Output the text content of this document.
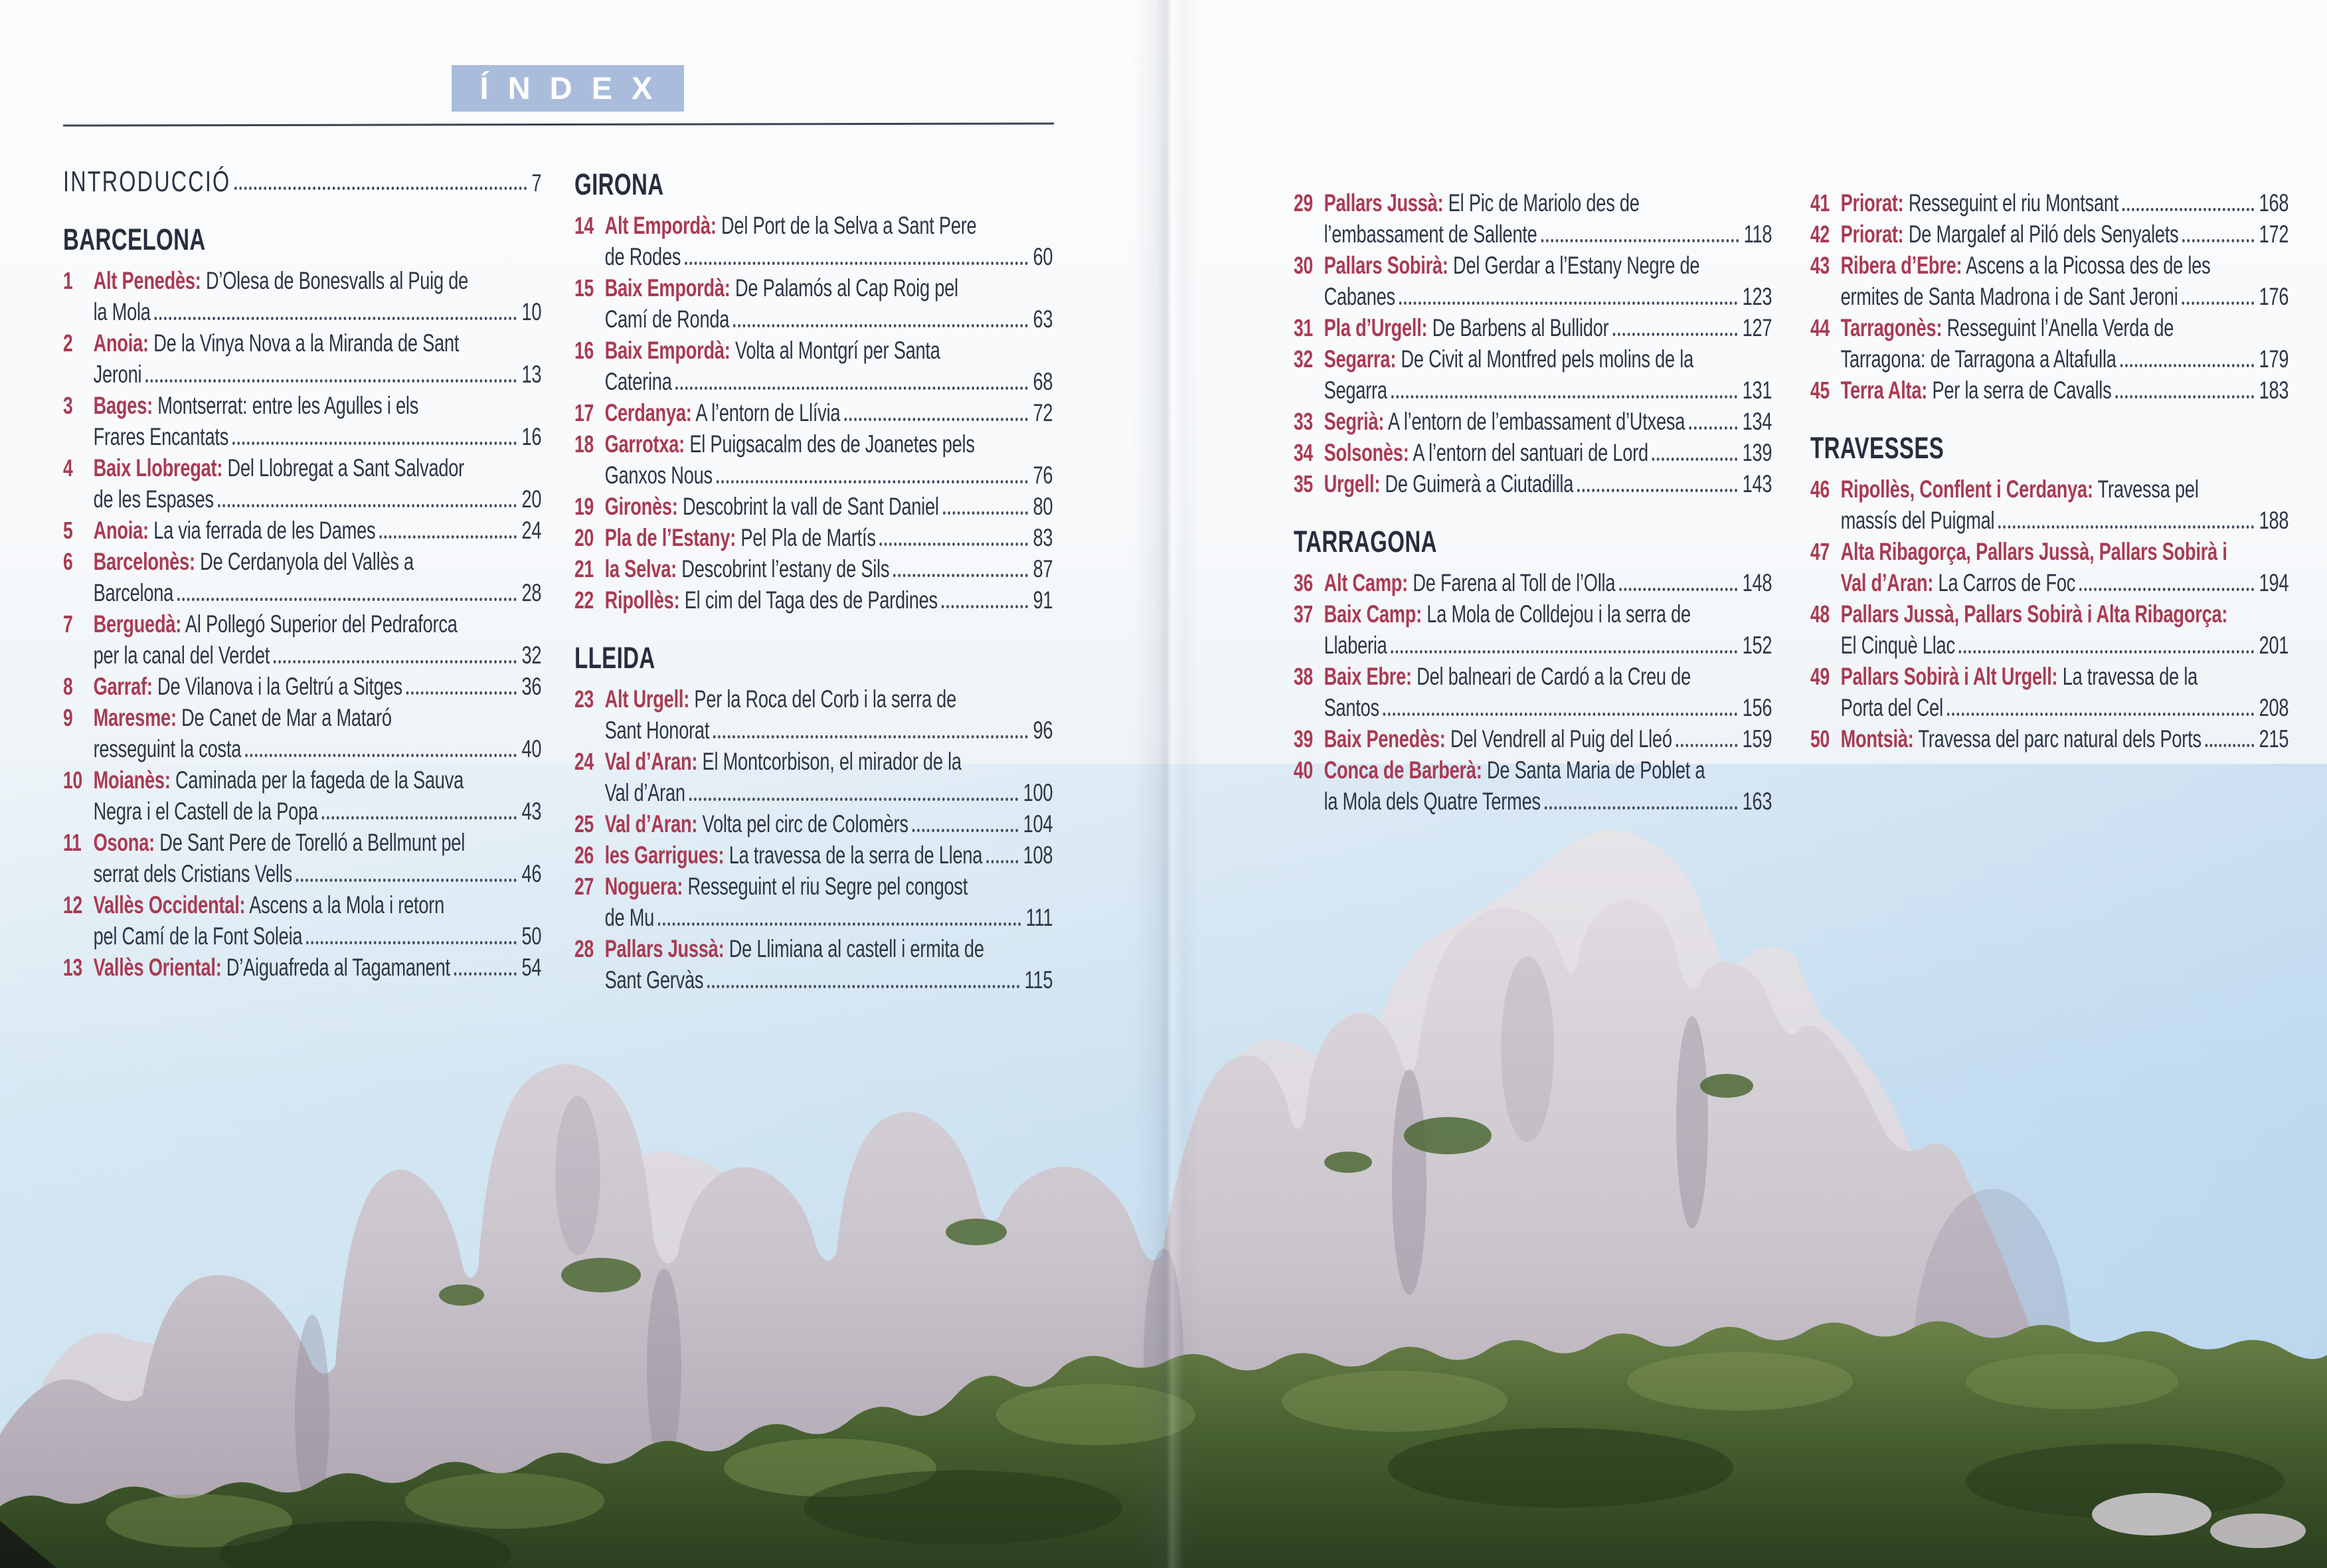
ÍNDEX
INTRODUCCIÓ	7
BARCELONA
1 Alt Penedès: D’Olesa de Bonesvalls al Puig de
la Mola	10
2 Anoia: De la Vinya Nova a la Miranda de Sant
Jeroni	13
3 Bages: Montserrat: entre les Agulles i els
Frares Encantats	16
4 Baix Llobregat: Del Llobregat a Sant Salvador
de les Espases	20
5 Anoia: La via ferrada de les Dames	24
6 Barcelonès: De Cerdanyola del Vallès a
Barcelona	28
7 Berguedà: Al Pollegó Superior del Pedraforca
per la canal del Verdet	32
8 Garraf: De Vilanova i la Geltrú a Sitges	36
9 Maresme: De Canet de Mar a Mataró
resseguint la costa	40
10 Moianès: Caminada per la fageda de la Sauva
Negra i el Castell de la Popa	43
11 Osona: De Sant Pere de Torelló a Bellmunt pel
serrat dels Cristians Vells	46
12 Vallès Occidental: Ascens a la Mola i retorn
pel Camí de la Font Soleia	50
13 Vallès Oriental: D’Aiguafreda al Tagamanent	54
GIRONA
14 Alt Empordà: Del Port de la Selva a Sant Pere
de Rodes	60
15 Baix Empordà: De Palamós al Cap Roig pel
Camí de Ronda	63
16 Baix Empordà: Volta al Montgrí per Santa
Caterina	68
17 Cerdanya: A l’entorn de Llívia	72
18 Garrotxa: El Puigsacalm des de Joanetes pels
Ganxos Nous	76
19 Gironès: Descobrint la vall de Sant Daniel	80
20 Pla de l’Estany: Pel Pla de Martís	83
21 la Selva: Descobrint l’estany de Sils	87
22 Ripollès: El cim del Taga des de Pardines	91
LLEIDA
23 Alt Urgell: Per la Roca del Corb i la serra de
Sant Honorat	96
24 Val d’Aran: El Montcorbison, el mirador de la
Val d’Aran	100
25 Val d’Aran: Volta pel circ de Colomèrs	104
26 les Garrigues: La travessa de la serra de Llena 108
27 Noguera: Resseguint el riu Segre pel congost
de Mu	111
28 Pallars Jussà: De Llimiana al castell i ermita de
Sant Gervàs	115
29 Pallars Jussà: El Pic de Mariolo des de
l’embassament de Sallente	118
30 Pallars Sobirà: Del Gerdar a l’Estany Negre de
Cabanes	123
31 Pla d’Urgell: De Barbens al Bullidor	127
32 Segarra: De Civit al Montfred pels molins de la
Segarra	131
33 Segrià: A l’entorn de l’embassament d’Utxesa 134
34 Solsonès: A l’entorn del santuari de Lord	139
35 Urgell: De Guimerà a Ciutadilla	143
TARRAGONA
36 Alt Camp: De Farena al Toll de l’Olla	148
37 Baix Camp: La Mola de Colldejou i la serra de
Llaberia	152
38 Baix Ebre: Del balneari de Cardó a la Creu de
Santos	156
39 Baix Penedès: Del Vendrell al Puig del Lleó	159
40 Conca de Barberà: De Santa Maria de Poblet a
la Mola dels Quatre Termes	163
41 Priorat: Resseguint el riu Montsant	168
42 Priorat: De Margalef al Piló dels Senyalets	172
43 Ribera d’Ebre: Ascens a la Picossa des de les
ermites de Santa Madrona i de Sant Jeroni	176
44 Tarragonès: Resseguint l’Anella Verda de
Tarragona: de Tarragona a Altafulla	179
45 Terra Alta: Per la serra de Cavalls	183
TRAVESSES
46 Ripollès, Conflent i Cerdanya: Travessa pel
massís del Puigmal	188
47 Alta Ribagorça, Pallars Jussà, Pallars Sobirà i
Val d’Aran: La Carros de Foc	194
48 Pallars Jussà, Pallars Sobirà i Alta Ribagorça:
El Cinquè Llac	201
49 Pallars Sobirà i Alt Urgell: La travessa de la
Porta del Cel	208
50 Montsià: Travessa del parc natural dels Ports 215
